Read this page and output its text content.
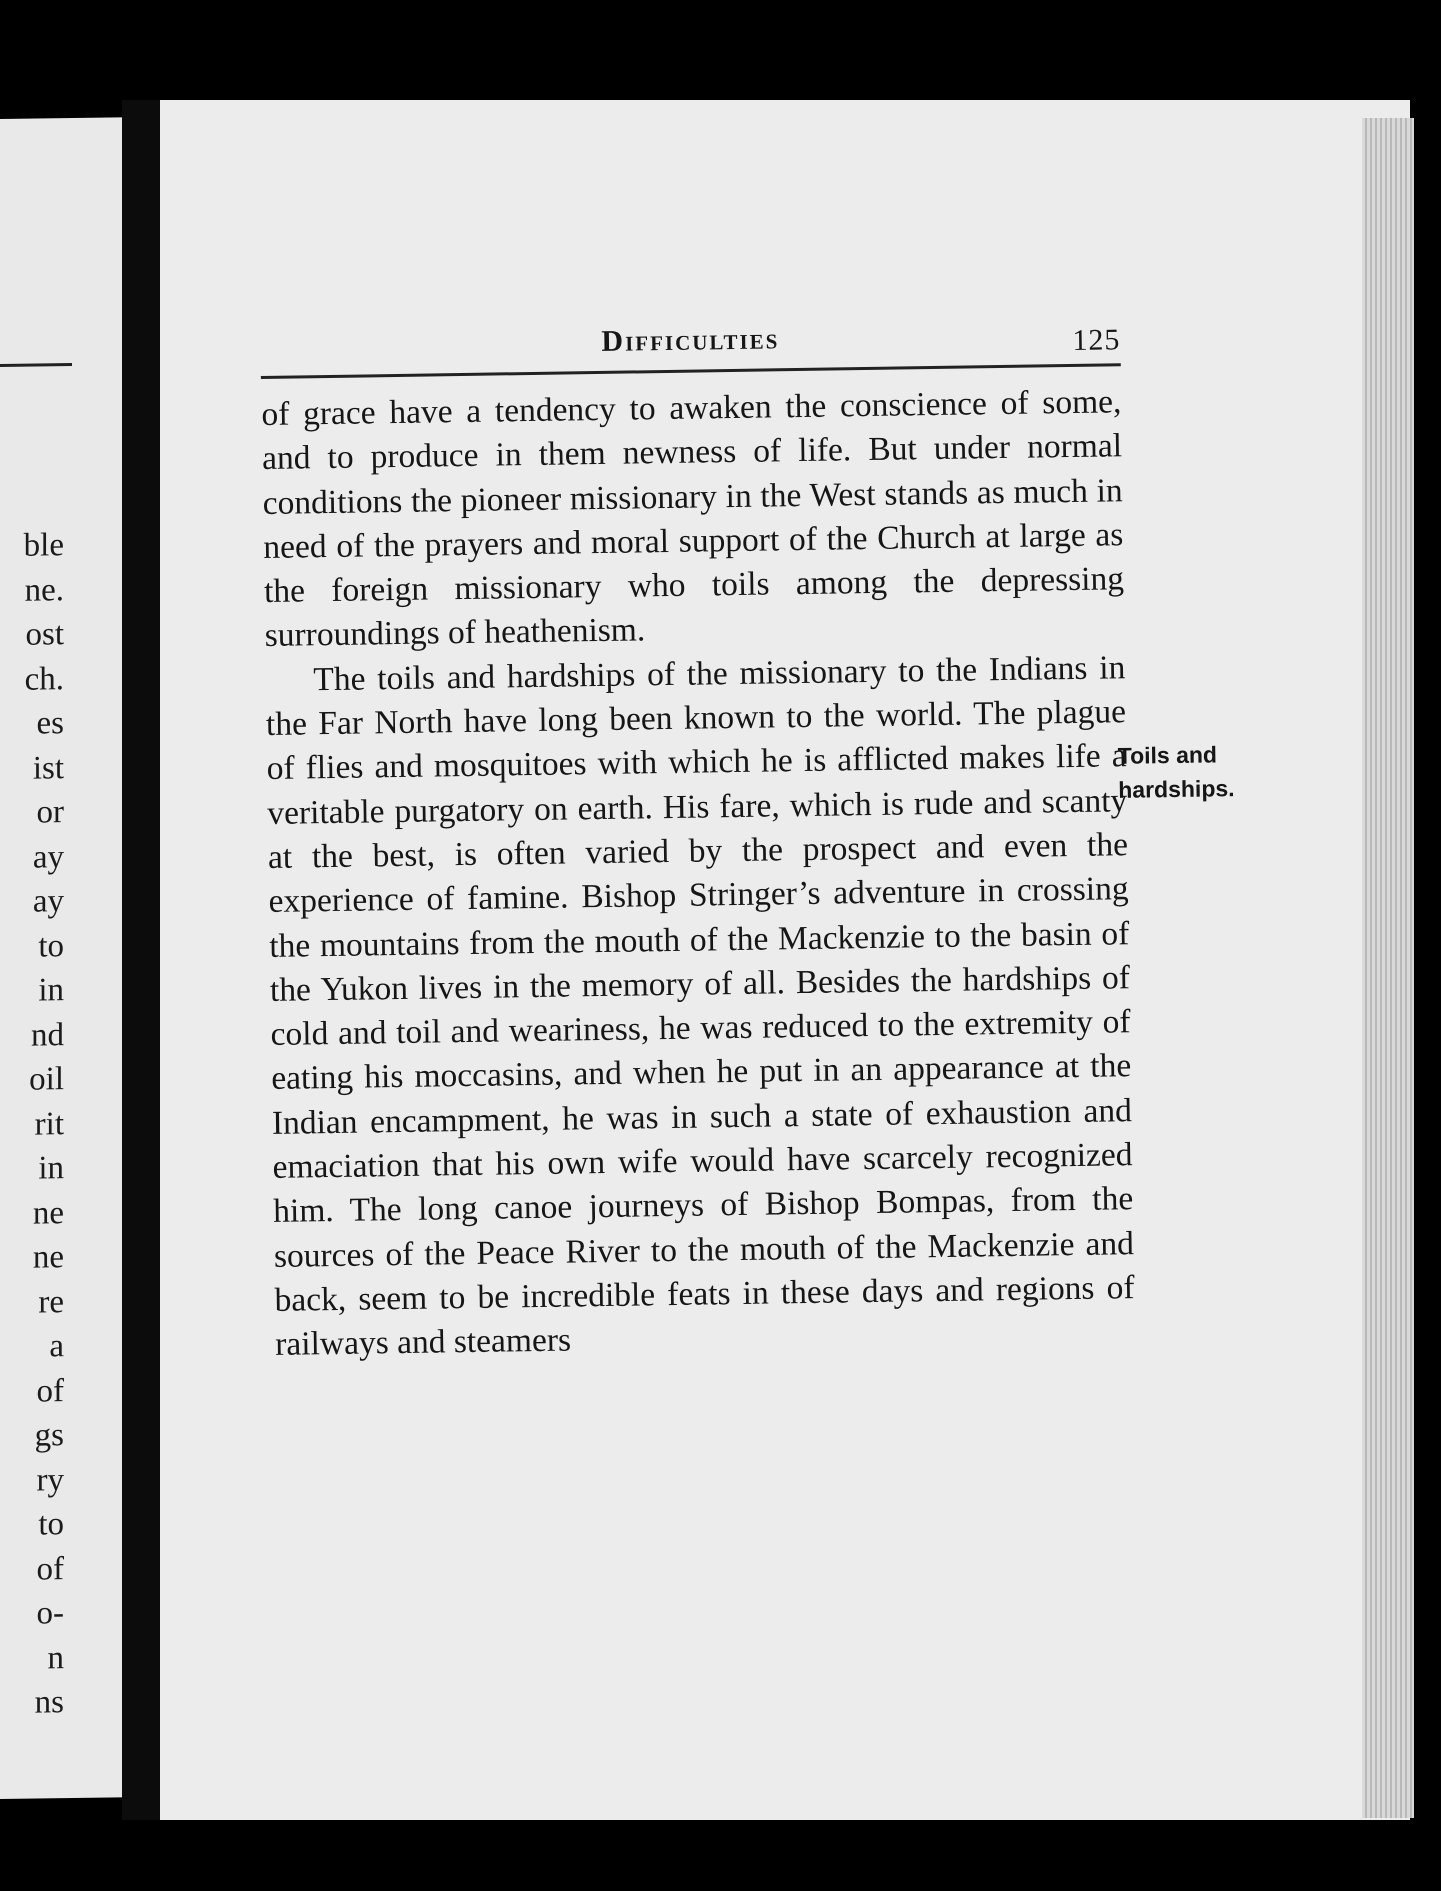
ble
ne.
ost
ch.
es
ist
or
ay
ay
to
in
nd
oil
rit
in
ne
ne
re
a
of
gs
ry
to
of
o-
n
ns
Difficulties	125

of grace have a tendency to awaken the conscience of some, and to produce in them newness of life. But under normal conditions the pioneer missionary in the West stands as much in need of the prayers and moral support of the Church at large as the foreign missionary who toils among the depressing surroundings of heathenism.

The toils and hardships of the missionary to the Indians in the Far North have long been known to the world. The plague of flies and mosquitoes with which he is afflicted makes life a veritable purgatory on earth. His fare, which is rude and scanty at the best, is often varied by the prospect and even the experience of famine. Bishop Stringer’s adventure in crossing the mountains from the mouth of the Mackenzie to the basin of the Yukon lives in the memory of all. Besides the hardships of cold and toil and weariness, he was reduced to the extremity of eating his moccasins, and when he put in an appearance at the Indian encampment, he was in such a state of exhaustion and emaciation that his own wife would have scarcely recognized him. The long canoe journeys of Bishop Bompas, from the sources of the Peace River to the mouth of the Mackenzie and back, seem to be incredible feats in these days and regions of railways and steamers

Toils and
hardships.
